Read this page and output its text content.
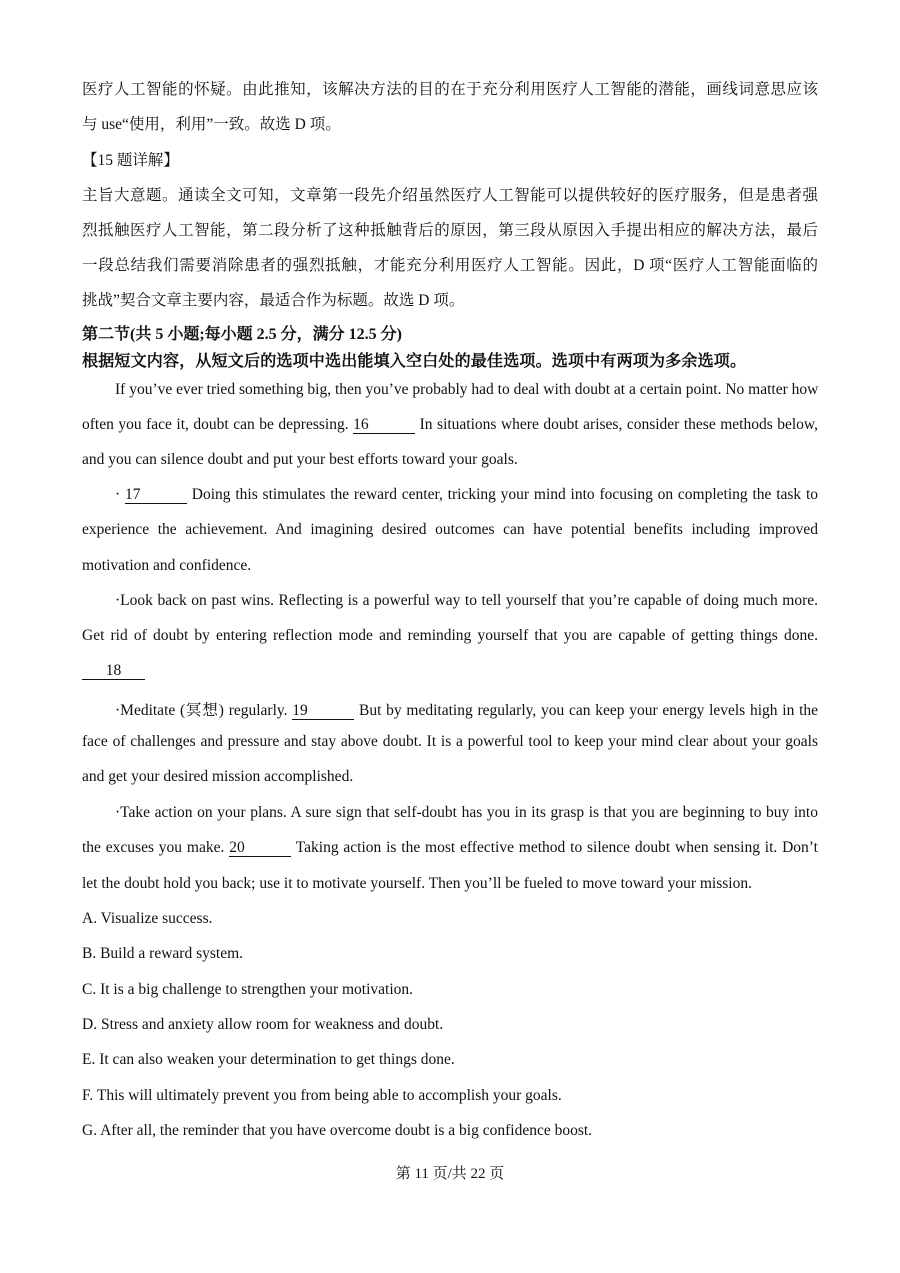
医疗人工智能的怀疑。由此推知，该解决方法的目的在于充分利用医疗人工智能的潜能，画线词意思应该
与 use“使用，利用”一致。故选 D 项。
【15 题详解】
主旨大意题。通读全文可知，文章第一段先介绍虽然医疗人工智能可以提供较好的医疗服务，但是患者强
烈抵触医疗人工智能，第二段分析了这种抵触背后的原因，第三段从原因入手提出相应的解决方法，最后
一段总结我们需要消除患者的强烈抵触，才能充分利用医疗人工智能。因此，D 项“医疗人工智能面临的
挑战”契合文章主要内容，最适合作为标题。故选 D 项。
第二节(共 5 小题;每小题 2.5 分，满分 12.5 分)
根据短文内容，从短文后的选项中选出能填入空白处的最佳选项。选项中有两项为多余选项。
If you’ve ever tried something big, then you’ve probably had to deal with doubt at a certain point. No matter how
often you face it, doubt can be depressing. 16	In situations where doubt arises, consider these methods below,
and you can silence doubt and put your best efforts toward your goals.
· 17	Doing this stimulates the reward center, tricking your mind into focusing on completing the task to
experience the achievement. And imagining desired outcomes can have potential benefits including improved
motivation and confidence.
·Look back on past wins. Reflecting is a powerful way to tell yourself that you’re capable of doing much more.
Get rid of doubt by entering reflection mode and reminding yourself that you are capable of getting things done.
18
·Meditate (冥想) regularly. 19	But by meditating regularly, you can keep your energy levels high in the
face of challenges and pressure and stay above doubt. It is a powerful tool to keep your mind clear about your goals
and get your desired mission accomplished.
·Take action on your plans. A sure sign that self-doubt has you in its grasp is that you are beginning to buy into
the excuses you make. 20	Taking action is the most effective method to silence doubt when sensing it. Don’t
let the doubt hold you back; use it to motivate yourself. Then you’ll be fueled to move toward your mission.
A. Visualize success.
B. Build a reward system.
C. It is a big challenge to strengthen your motivation.
D. Stress and anxiety allow room for weakness and doubt.
E. It can also weaken your determination to get things done.
F. This will ultimately prevent you from being able to accomplish your goals.
G. After all, the reminder that you have overcome doubt is a big confidence boost.
第 11 页/共 22 页
